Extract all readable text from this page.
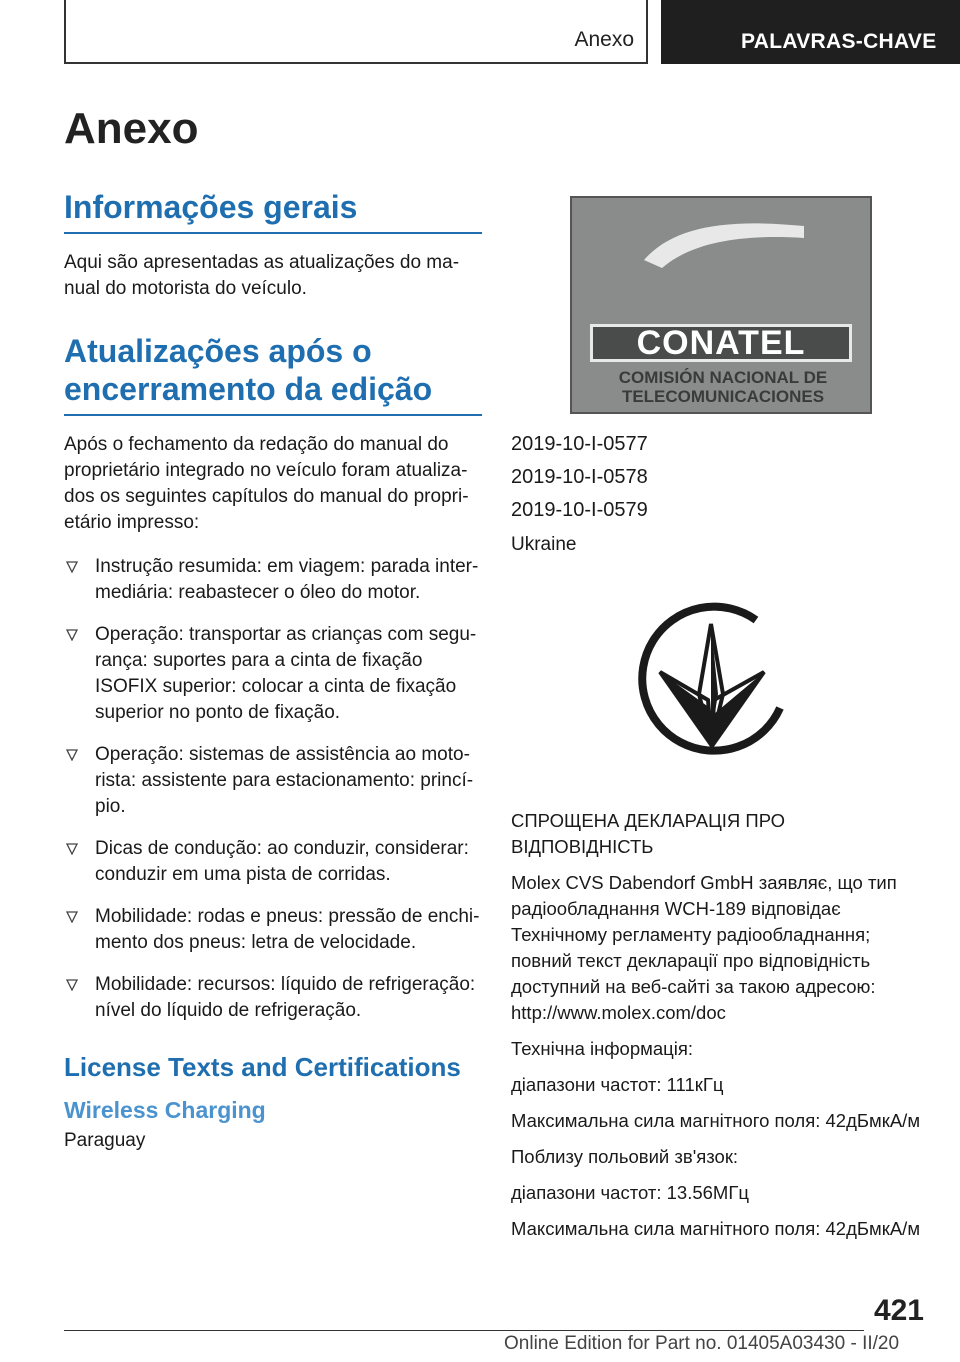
Anexo	PALAVRAS-CHAVE
Anexo
Informações gerais

Aqui são apresentadas as atualizações do manual do motorista do veículo.

Atualizações após o
encerramento da edição

Após o fechamento da redação do manual do proprietário integrado no veículo foram atualizados os seguintes capítulos do manual do proprietário impresso:

Instrução resumida: em viagem: parada intermediária: reabastecer o óleo do motor.
Operação: transportar as crianças com segurança: suportes para a cinta de fixação ISOFIX superior: colocar a cinta de fixação superior no ponto de fixação.
Operação: sistemas de assistência ao motorista: assistente para estacionamento: princípio.
Dicas de condução: ao conduzir, considerar: conduzir em uma pista de corridas.
Mobilidade: rodas e pneus: pressão de enchimento dos pneus: letra de velocidade.
Mobilidade: recursos: líquido de refrigeração: nível do líquido de refrigeração.
License Texts and Certifications
Wireless Charging

Paraguay

CONATEL
COMISIÓN NACIONAL DE
TELECOMUNICACIONES
2019-10-I-0577
2019-10-I-0578
2019-10-I-0579
Ukraine

СПРОЩЕНА ДЕКЛАРАЦІЯ ПРО ВІДПОВІДНІСТЬ

Molex CVS Dabendorf GmbH заявляє, що тип радіообладнання WCH-189 відповідає Технічному регламенту радіообладнання; повний текст декларації про відповідність доступний на веб-сайті за такою адресою: http://www.molex.com/doc

Технічна інформація:

діапазони частот: 111кГц

Максимальна сила магнітного поля: 42дБмкА/м

Поблизу польовий зв'язок:

діапазони частот: 13.56МГц

Максимальна сила магнітного поля: 42дБмкА/м

421
Online Edition for Part no. 01405A03430 - II/20
